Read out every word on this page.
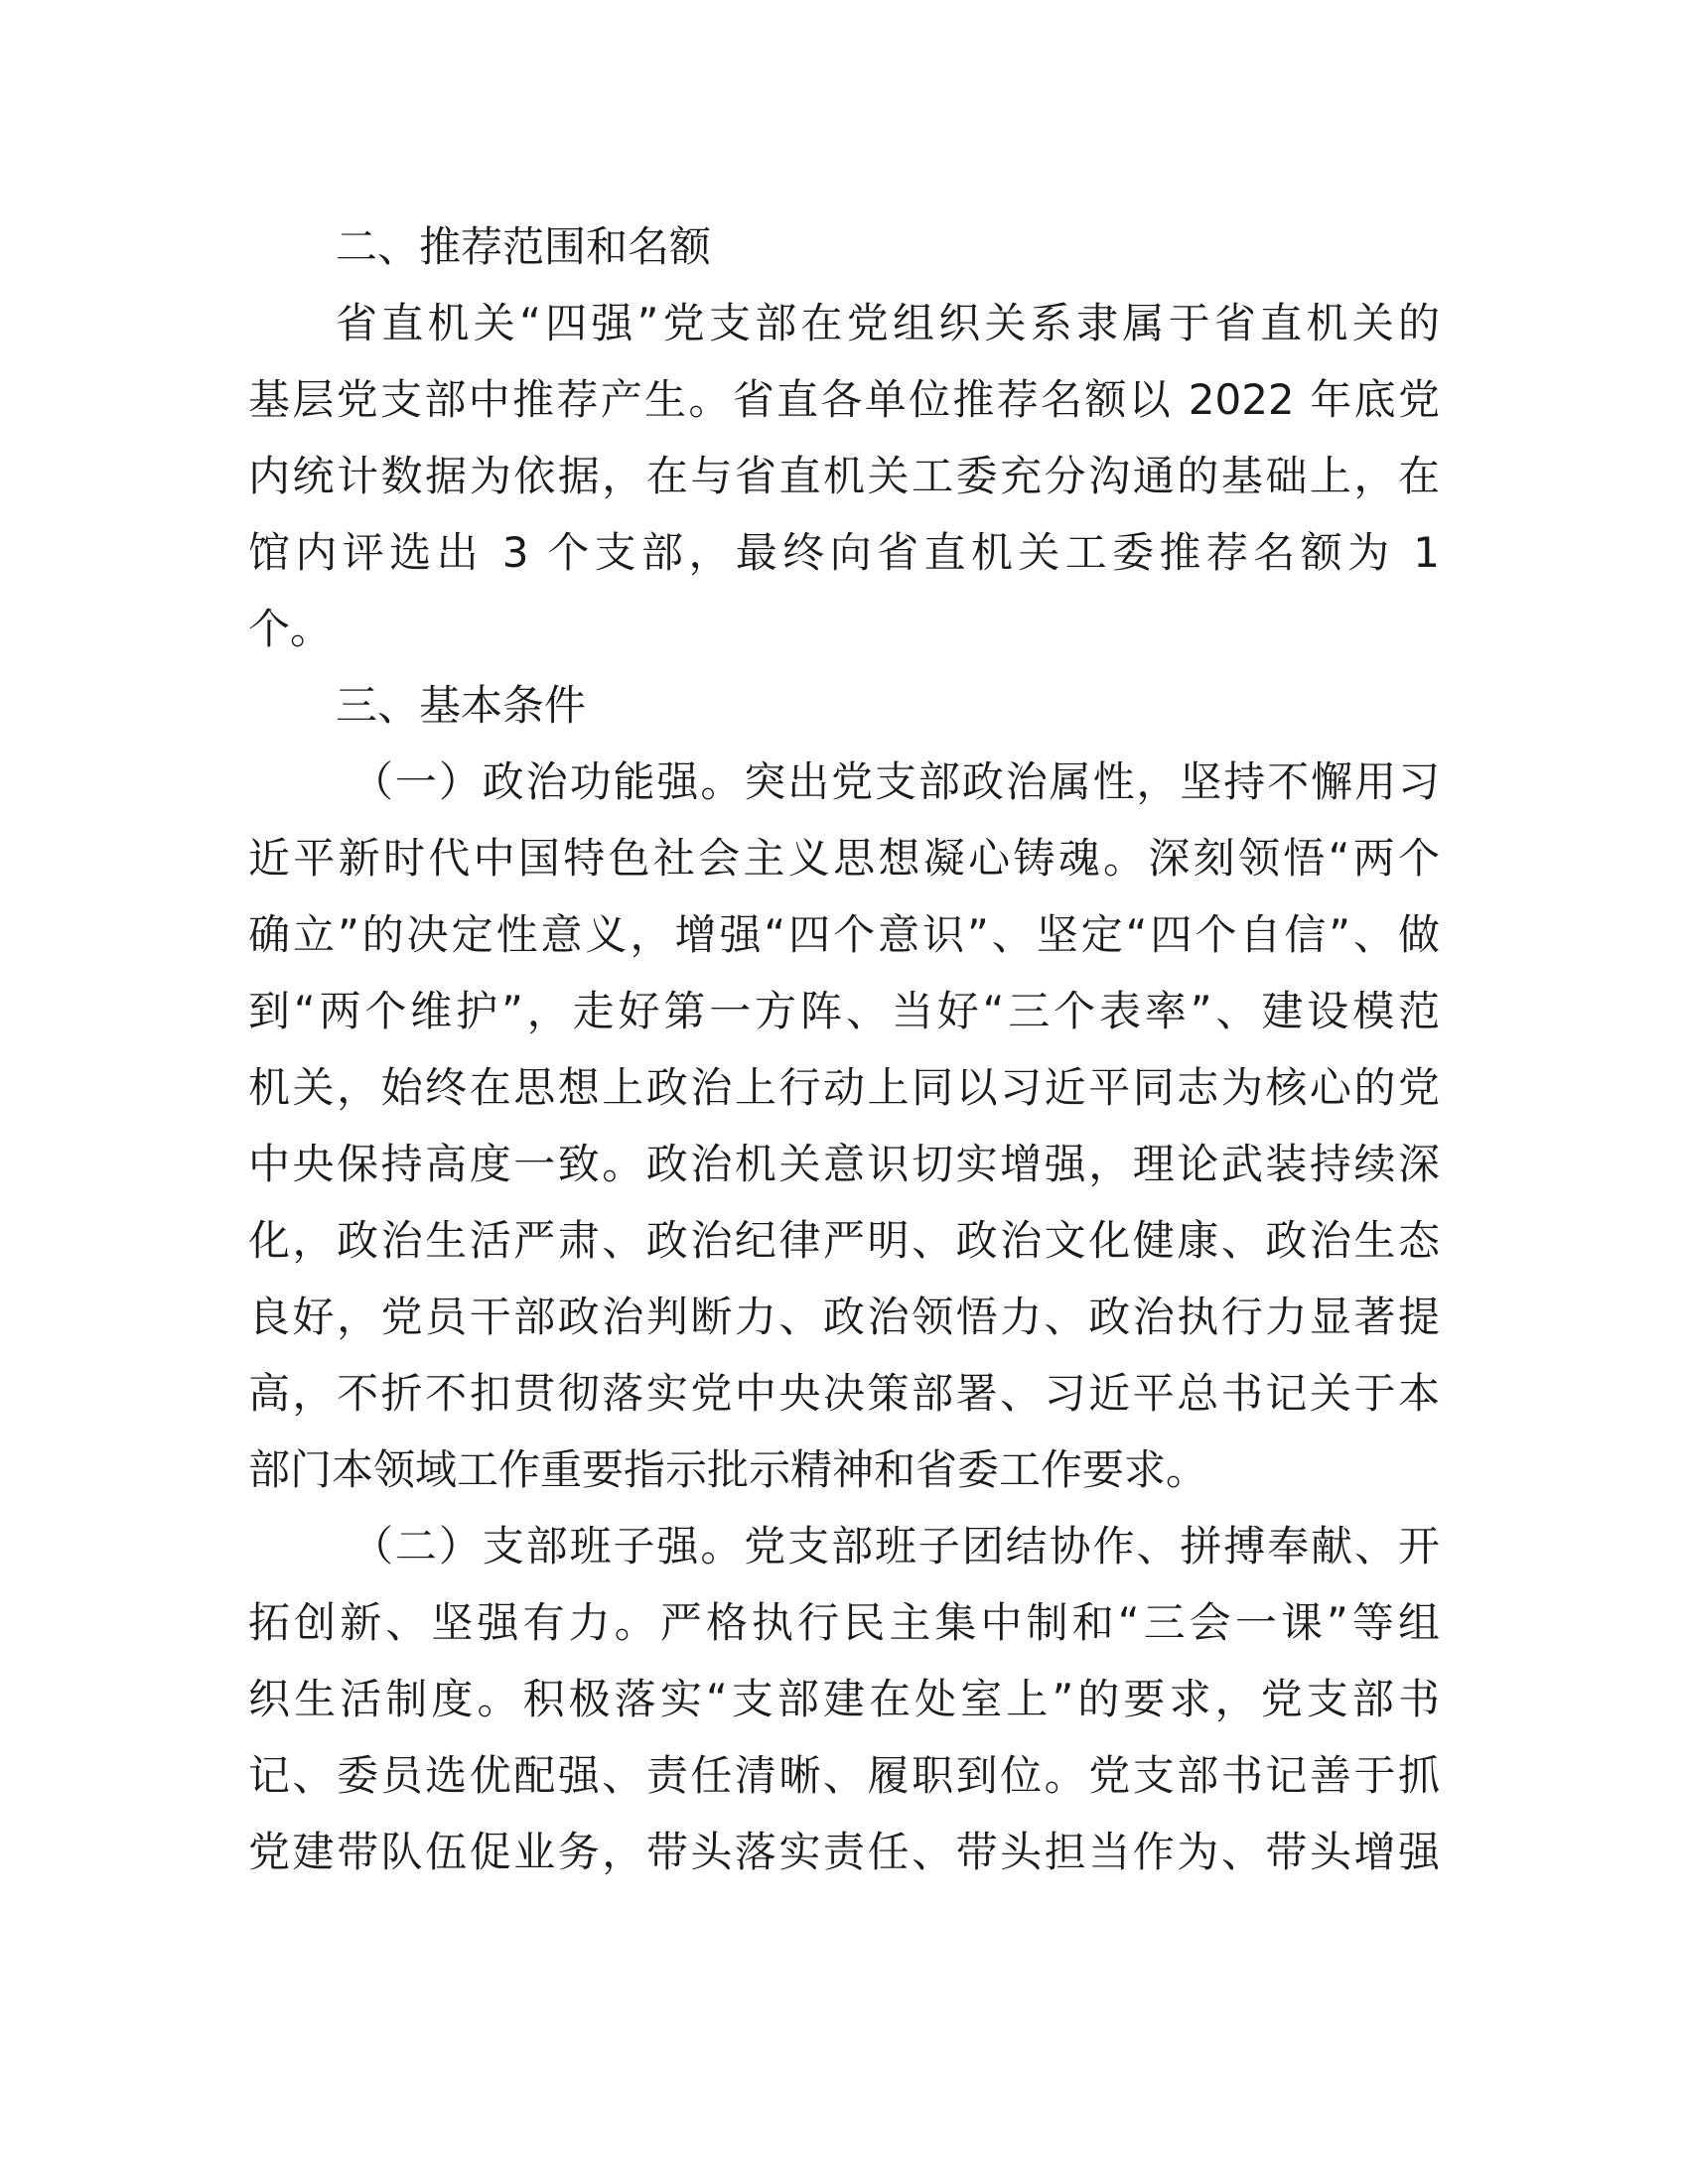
二、推荐范围和名额
省直机关“四强”党支部在党组织关系隶属于省直机关的
基层党支部中推荐产生。省直各单位推荐名额以 2022 年底党
内统计数据为依据，在与省直机关工委充分沟通的基础上，在
馆内评选出 3 个支部，最终向省直机关工委推荐名额为 1
个。
三、基本条件
（一）政治功能强。突出党支部政治属性，坚持不懈用习
近平新时代中国特色社会主义思想凝心铸魂。深刻领悟“两个
确立”的决定性意义，增强“四个意识”、坚定“四个自信”、做
到“两个维护”，走好第一方阵、当好“三个表率”、建设模范
机关，始终在思想上政治上行动上同以习近平同志为核心的党
中央保持高度一致。政治机关意识切实增强，理论武装持续深
化，政治生活严肃、政治纪律严明、政治文化健康、政治生态
良好，党员干部政治判断力、政治领悟力、政治执行力显著提
高，不折不扣贯彻落实党中央决策部署、习近平总书记关于本
部门本领域工作重要指示批示精神和省委工作要求。
（二）支部班子强。党支部班子团结协作、拼搏奉献、开
拓创新、坚强有力。严格执行民主集中制和“三会一课”等组
织生活制度。积极落实“支部建在处室上”的要求，党支部书
记、委员选优配强、责任清晰、履职到位。党支部书记善于抓
党建带队伍促业务，带头落实责任、带头担当作为、带头增强
